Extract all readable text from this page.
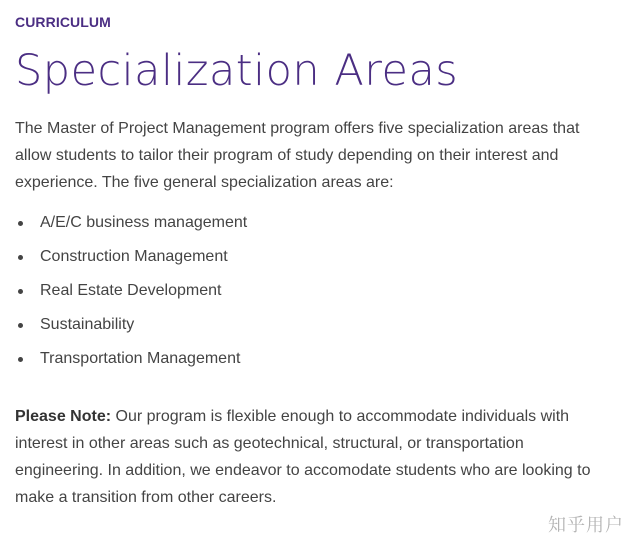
CURRICULUM

Specialization Areas

The Master of Project Management program offers five specialization areas that allow students to tailor their program of study depending on their interest and experience. The five general specialization areas are:

A/E/C business management
Construction Management
Real Estate Development
Sustainability
Transportation Management

Please Note: Our program is flexible enough to accommodate individuals with interest in other areas such as geotechnical, structural, or transportation engineering. In addition, we endeavor to accomodate students who are looking to make a transition from other careers.

知乎用户
